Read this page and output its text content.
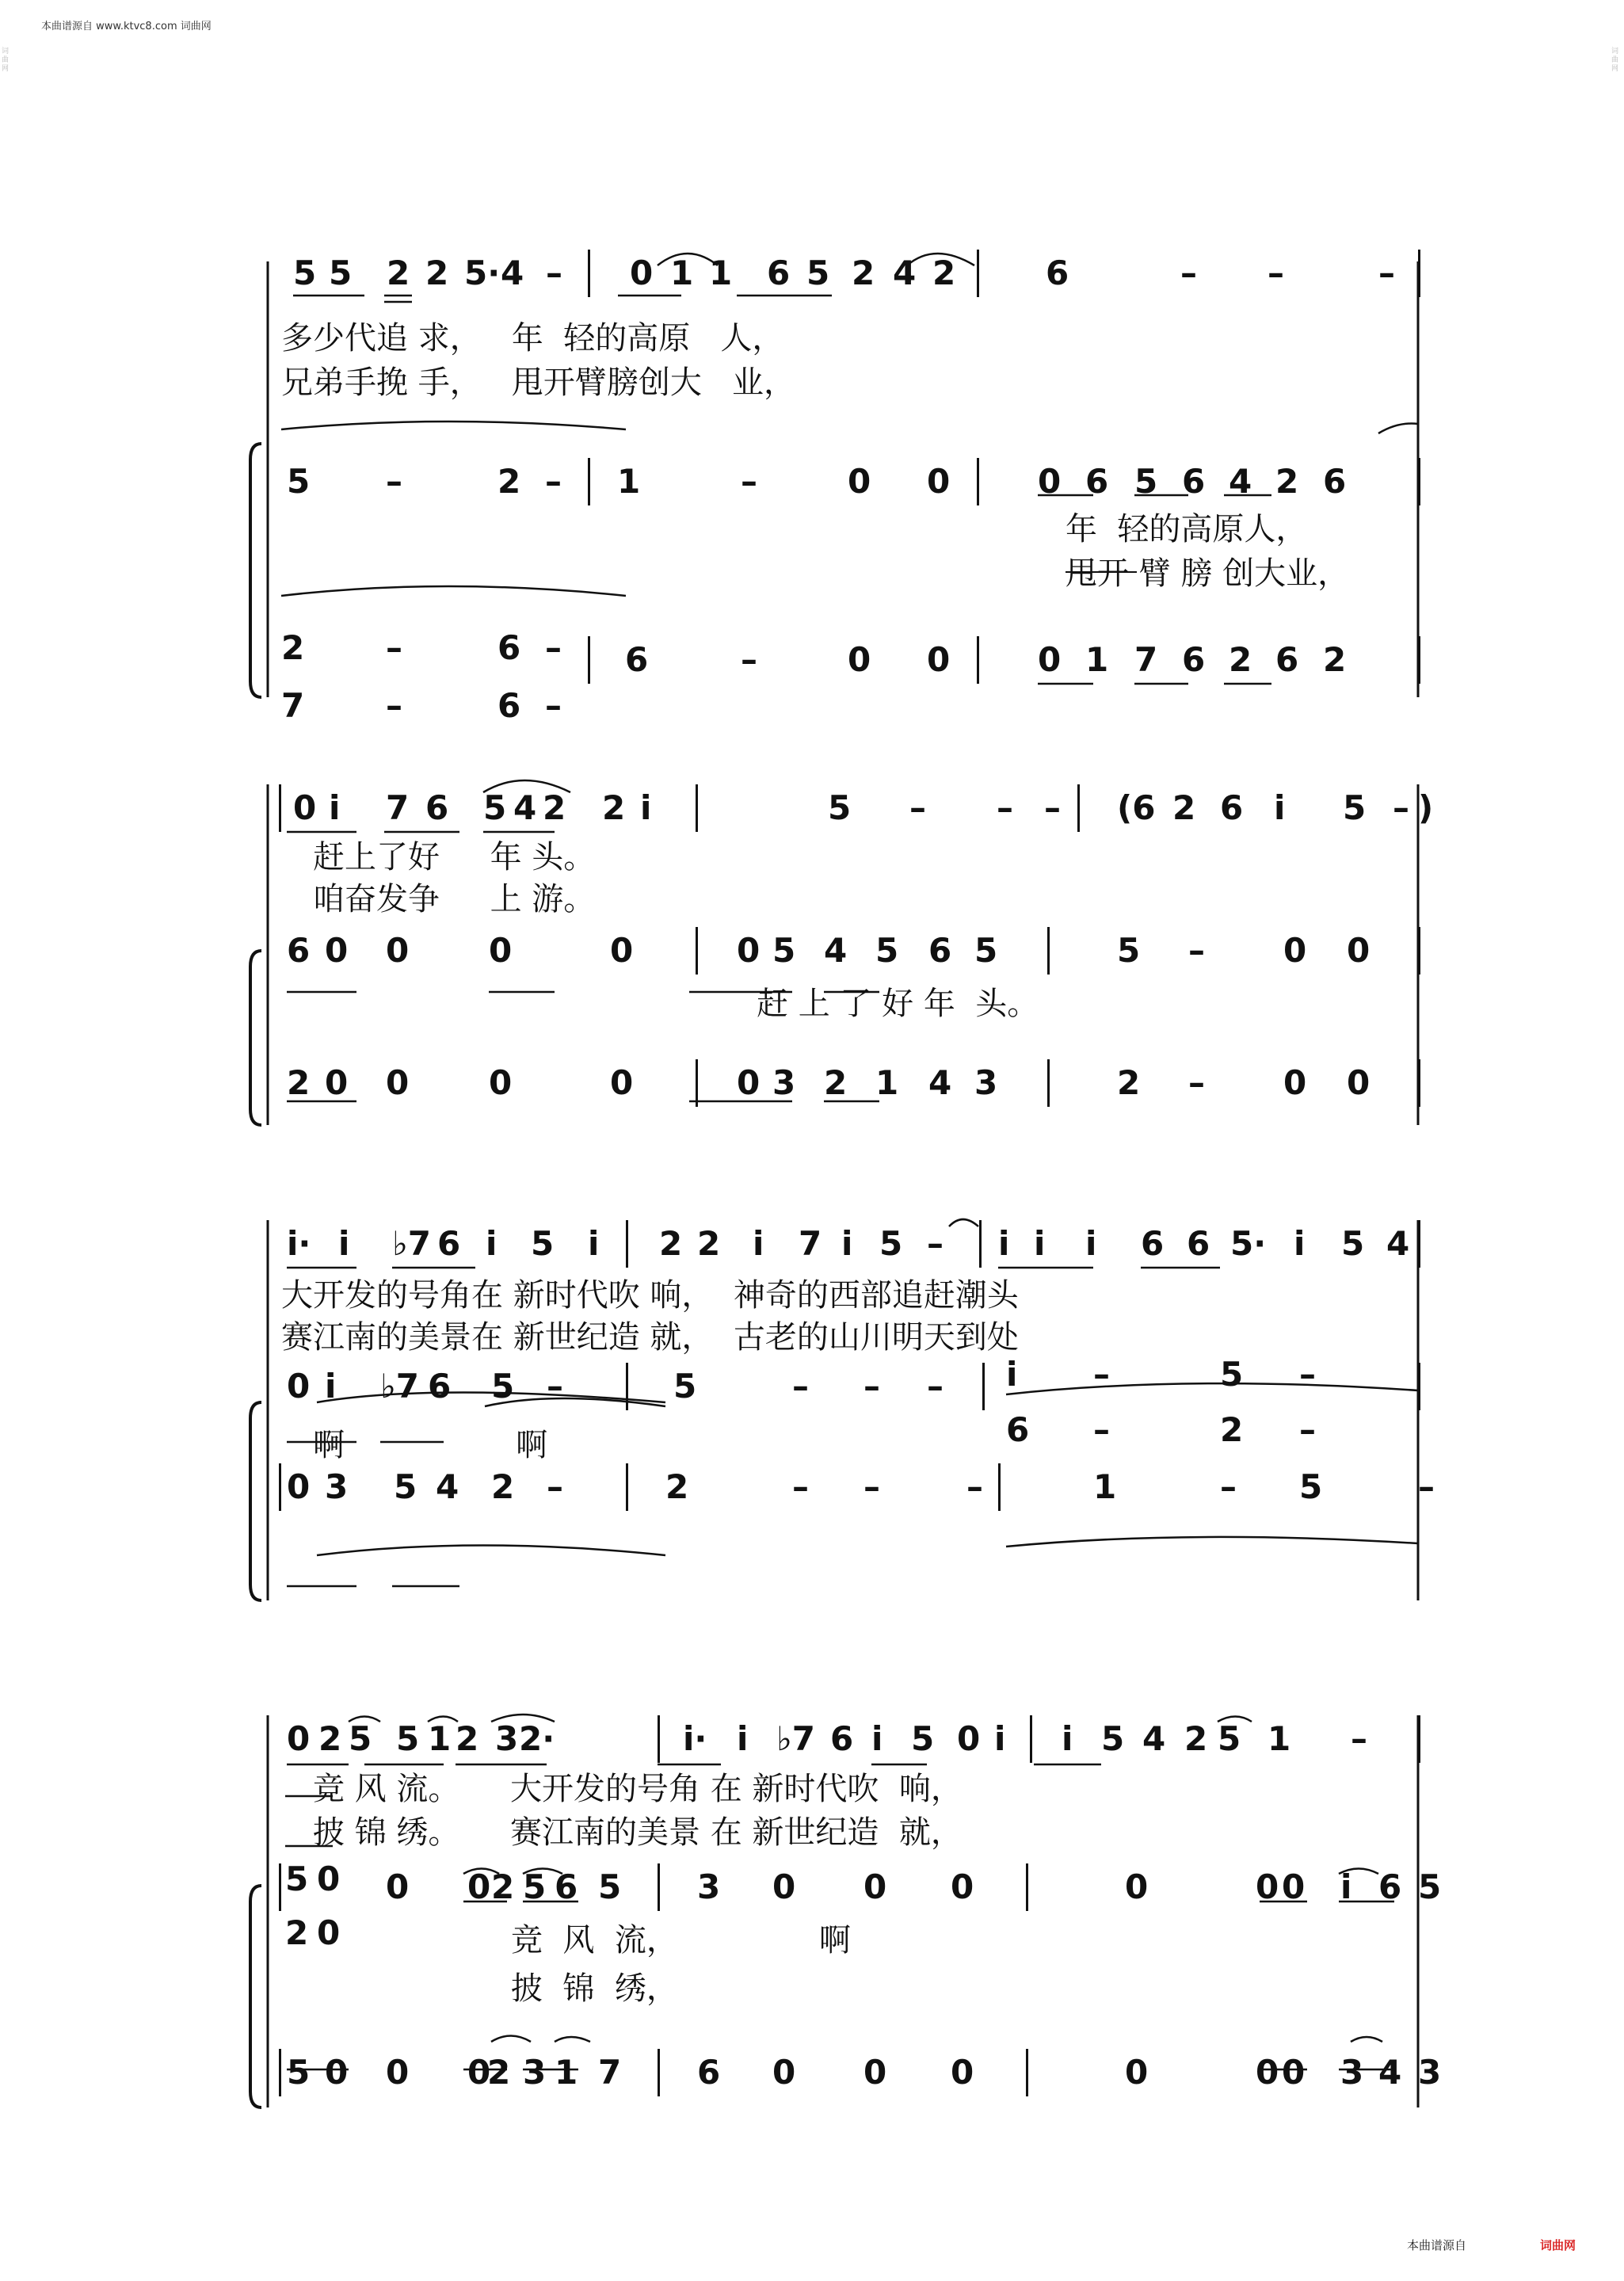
本曲谱源自 www.ktvc8.com 词曲网
词曲网
词曲网
5 5 2 2 5· 4 – 0 1 1 6 5 2 4 2	6	– –	–
多少代追 求，   年  轻的高原   人，
兄弟手挽 手，   甩开臂膀创大   业，
5 –	2 – 1	–	0 0	0 6 5 6 4 2 6
年  轻的高原人，
甩开 臂 膀 创大业，
2 –	6 –
7 –	6 –
6	–	0 0	0 1 7 6 2 6 2
0 i 7 6 5 4 2 2 i	5 – – – (6 2 6 i 5 – )
赶上了好     年 头。
咱奋发争     上 游。
6 0 0 0	0	0 5 4 5 6 5	5 – 0 0
赶 上 了 好 年  头。
2 0 0 0	0	0 3 2 1 4 3	2 – 0 0
i· i ♭7 6 i 5 i 2 2 i 7 i 5 – i i i 6 6 5· i 5 4
大开发的号角在 新时代吹 响，  神奇的西部追赶潮头
赛江南的美景在 新世纪造 就，  古老的山川明天到处
0 i ♭7 6 5 –	5	– – – i –	5 –
6 –	2 –
啊                 啊
0 3 5 4 2 –	2	– –	–	1	– 5	–
0 2 5 5 1 2 3 2·	i· i ♭7 6 i 5 0 i i 5 4 2 5 1 –
竞 风 流。     大开发的号角 在 新时代吹  响，
披 锦 绣。     赛江南的美景 在 新世纪造  就，
5 0
2 0
0 0 2 5 6 5 3 0 0 0	0	0 0 i 6 5
竞  风  流，              啊
披  锦  绣，
5 0 0 0
2 3 1 7 6 0 0 0	0	0 0 3 4 3
本曲谱源自	词曲网
